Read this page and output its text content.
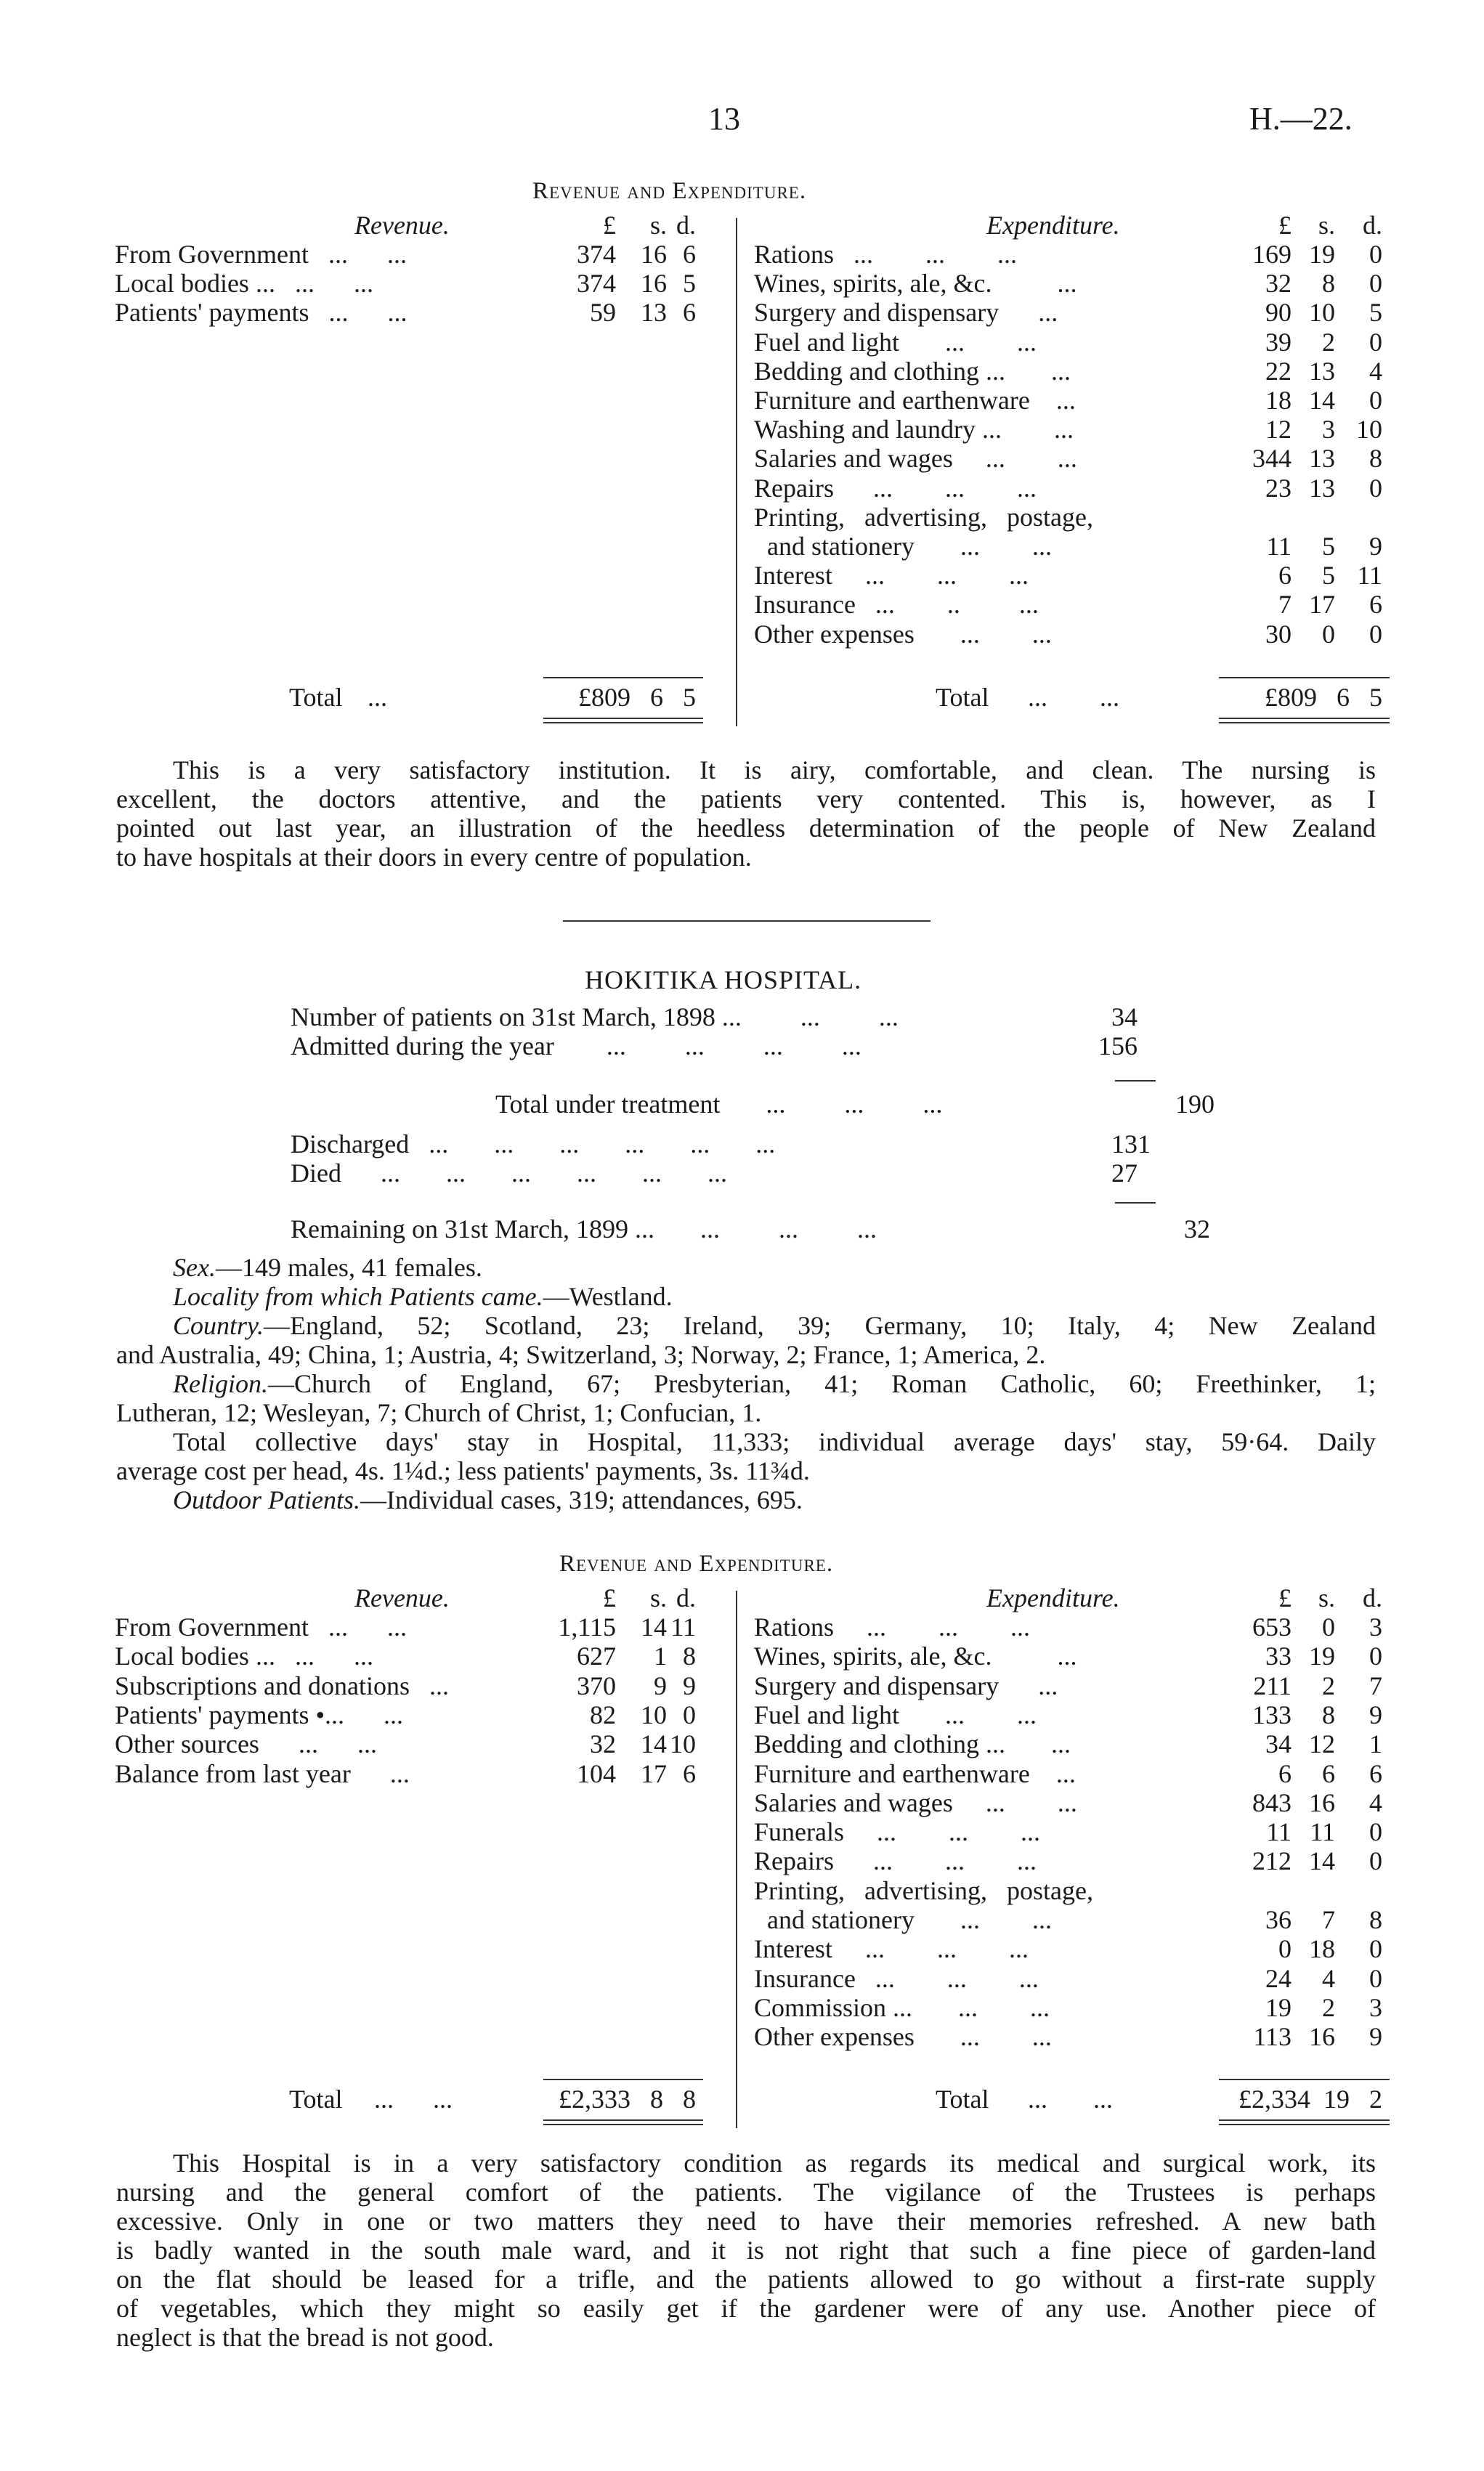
13	H.—22.
Revenue and Expenditure.
Revenue.	Expenditure.
£	£
s.	s.
d.	d.
From Government ...      ...	374 16 6
Local bodies ... ...      ...	374 16 5
Patients' payments ...      ...	59 13 6
Rations ...        ...        ...	169 19 0
Wines, spirits, ale, &c. ...	32 8 0
Surgery and dispensary ...	90 10 5
Fuel and light ...        ...	39 2 0
Bedding and clothing ... ...	22 13 4
Furniture and earthenware ...	18 14 0
Washing and laundry ... ...	12 3 10
Salaries and wages ...        ...	344 13 8
Repairs ...        ...        ...	23 13 0
Printing,   advertising,   postage,
and stationery ...        ...	11 5 9
Interest ...        ...        ...	6 5 11
Insurance ...        ..         ...	7 17 6
Other expenses ...        ...	30 0 0
Total ...	£809   6   5	Total ...        ...	£809   6   5
This is a very satisfactory institution. It is airy, comfortable, and clean. The nursing is
excellent, the doctors attentive, and the patients very contented. This is, however, as I
pointed out last year, an illustration of the heedless determination of the people of New Zealand
to have hospitals at their doors in every centre of population.
HOKITIKA HOSPITAL.
Number of patients on 31st March, 1898 ...         ...         ...	34
Admitted during the year        ...         ...         ...         ...	156
Total under treatment       ...         ...         ...	190
Discharged   ...       ...       ...       ...       ...       ...	131
Died      ...       ...       ...       ...       ...       ...	27
Remaining on 31st March, 1899 ...       ...         ...         ...	32
Sex.—149 males, 41 females.
Locality from which Patients came.—Westland.
Country.—England, 52; Scotland, 23; Ireland, 39; Germany, 10; Italy, 4; New Zealand
and Australia, 49; China, 1; Austria, 4; Switzerland, 3; Norway, 2; France, 1; America, 2.
Religion.—Church of England, 67; Presbyterian, 41; Roman Catholic, 60; Freethinker, 1;
Lutheran, 12; Wesleyan, 7; Church of Christ, 1; Confucian, 1.
Total collective days' stay in Hospital, 11,333; individual average days' stay, 59·64. Daily
average cost per head, 4s. 1¼d.; less patients' payments, 3s. 11¾d.
Outdoor Patients.—Individual cases, 319; attendances, 695.
Revenue and Expenditure.
Revenue.	Expenditure.
£	£
s.	s.
d.	d.
From Government ...      ...	1,115 14 11
Local bodies ... ...      ...	627 1 8
Subscriptions and donations ...	370 9 9
Patients' payments •...      ...	82 10 0
Other sources ...      ...	32 14 10
Balance from last year ...	104 17 6
Rations ...        ...        ...	653 0 3
Wines, spirits, ale, &c. ...	33 19 0
Surgery and dispensary ...	211 2 7
Fuel and light ...        ...	133 8 9
Bedding and clothing ... ...	34 12 1
Furniture and earthenware ...	6 6 6
Salaries and wages ...        ...	843 16 4
Funerals ...        ...        ...	11 11 0
Repairs ...        ...        ...	212 14 0
Printing,   advertising,   postage,
and stationery ...        ...	36 7 8
Interest ...        ...        ...	0 18 0
Insurance ...        ...        ...	24 4 0
Commission ... ...        ...	19 2 3
Other expenses ...        ...	113 16 9
Total ...      ...	£2,333   8   8	Total ...       ...	£2,334  19   2
This Hospital is in a very satisfactory condition as regards its medical and surgical work, its
nursing and the general comfort of the patients. The vigilance of the Trustees is perhaps
excessive. Only in one or two matters they need to have their memories refreshed. A new bath
is badly wanted in the south male ward, and it is not right that such a fine piece of garden-land
on the flat should be leased for a trifle, and the patients allowed to go without a first-rate supply
of vegetables, which they might so easily get if the gardener were of any use. Another piece of
neglect is that the bread is not good.
